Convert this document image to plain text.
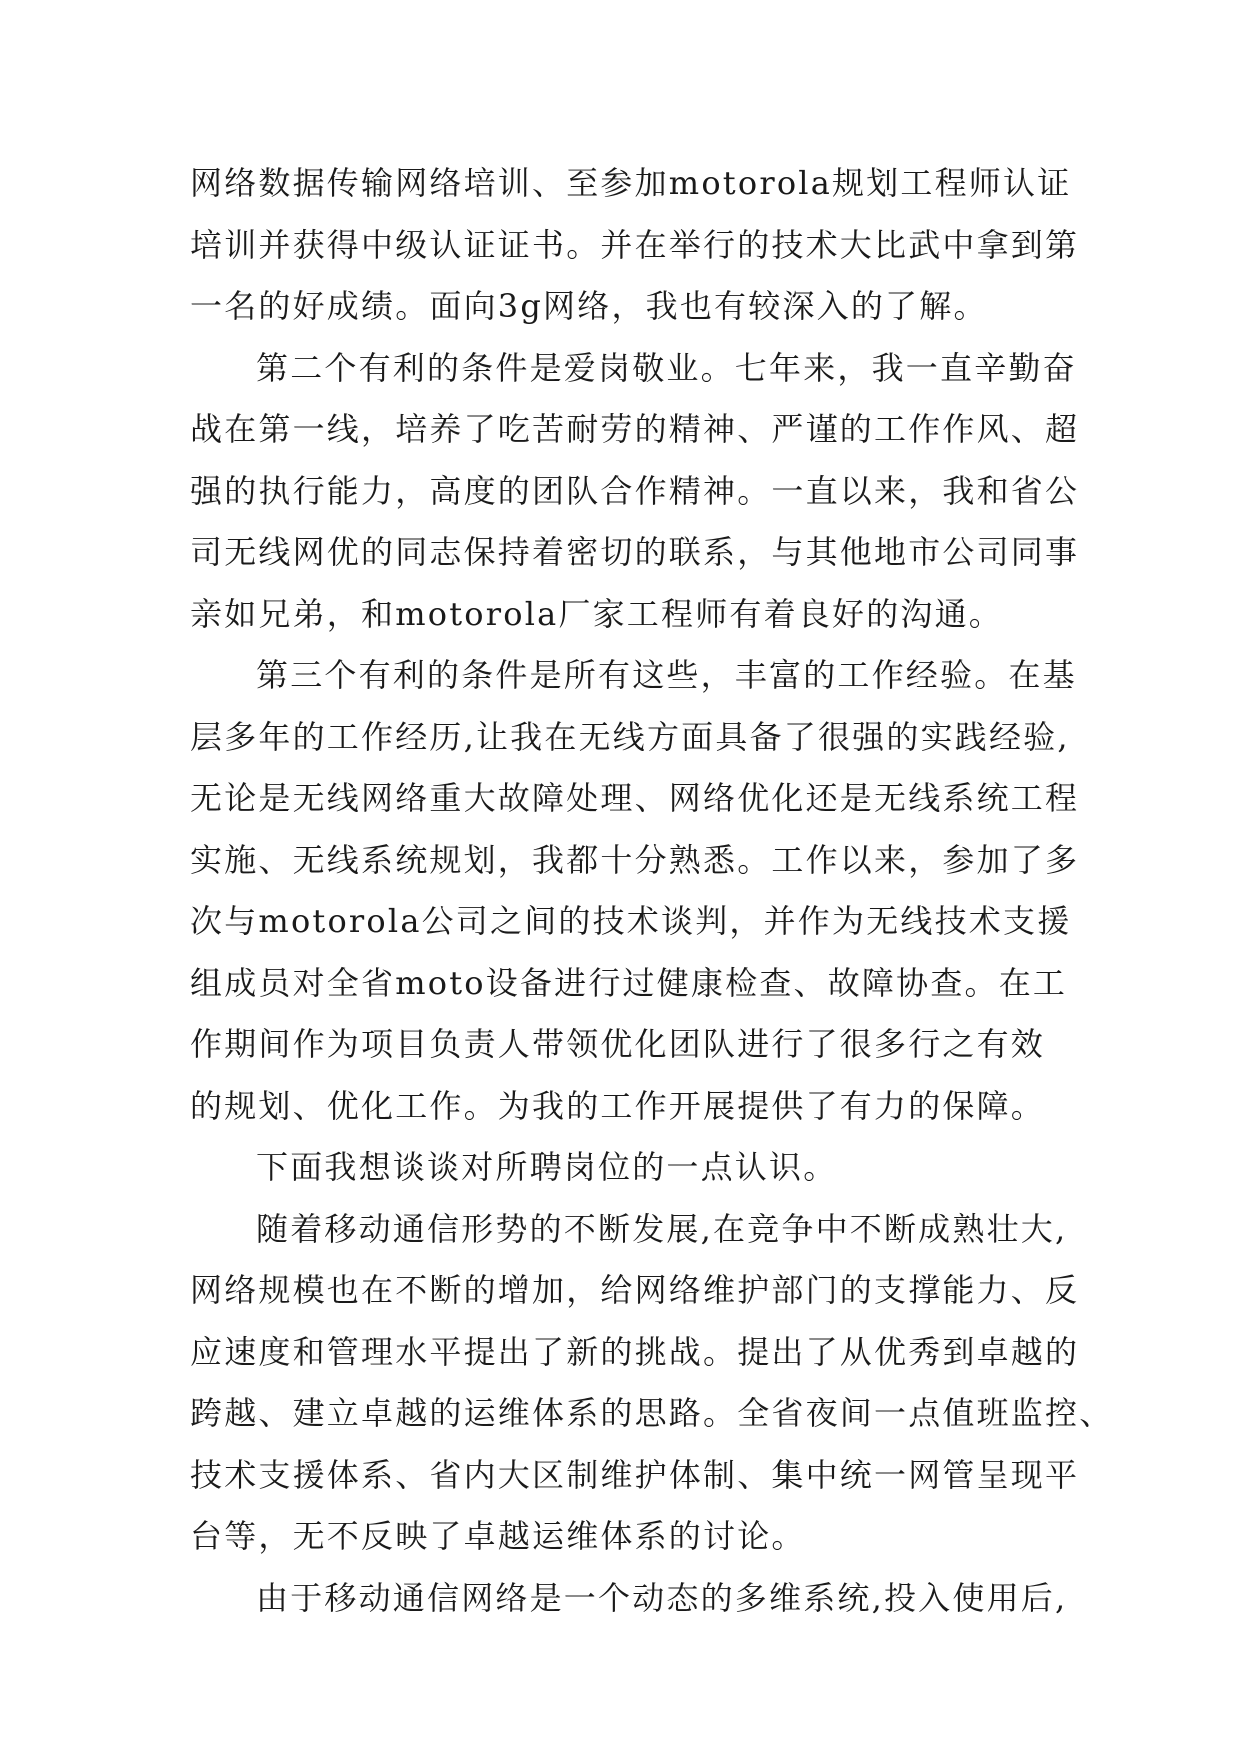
网络数据传输网络培训、至参加motorola规划工程师认证
培训并获得中级认证证书。并在举行的技术大比武中拿到第
一名的好成绩。面向3g网络，我也有较深入的了解。
第二个有利的条件是爱岗敬业。七年来，我一直辛勤奋
战在第一线，培养了吃苦耐劳的精神、严谨的工作作风、超
强的执行能力，高度的团队合作精神。一直以来，我和省公
司无线网优的同志保持着密切的联系，与其他地市公司同事
亲如兄弟，和motorola厂家工程师有着良好的沟通。
第三个有利的条件是所有这些，丰富的工作经验。在基
层多年的工作经历,让我在无线方面具备了很强的实践经验,
无论是无线网络重大故障处理、网络优化还是无线系统工程
实施、无线系统规划，我都十分熟悉。工作以来，参加了多
次与motorola公司之间的技术谈判，并作为无线技术支援
组成员对全省moto设备进行过健康检查、故障协查。在工
作期间作为项目负责人带领优化团队进行了很多行之有效
的规划、优化工作。为我的工作开展提供了有力的保障。
下面我想谈谈对所聘岗位的一点认识。
随着移动通信形势的不断发展,在竞争中不断成熟壮大,
网络规模也在不断的增加，给网络维护部门的支撑能力、反
应速度和管理水平提出了新的挑战。提出了从优秀到卓越的
跨越、建立卓越的运维体系的思路。全省夜间一点值班监控、
技术支援体系、省内大区制维护体制、集中统一网管呈现平
台等，无不反映了卓越运维体系的讨论。
由于移动通信网络是一个动态的多维系统,投入使用后,
